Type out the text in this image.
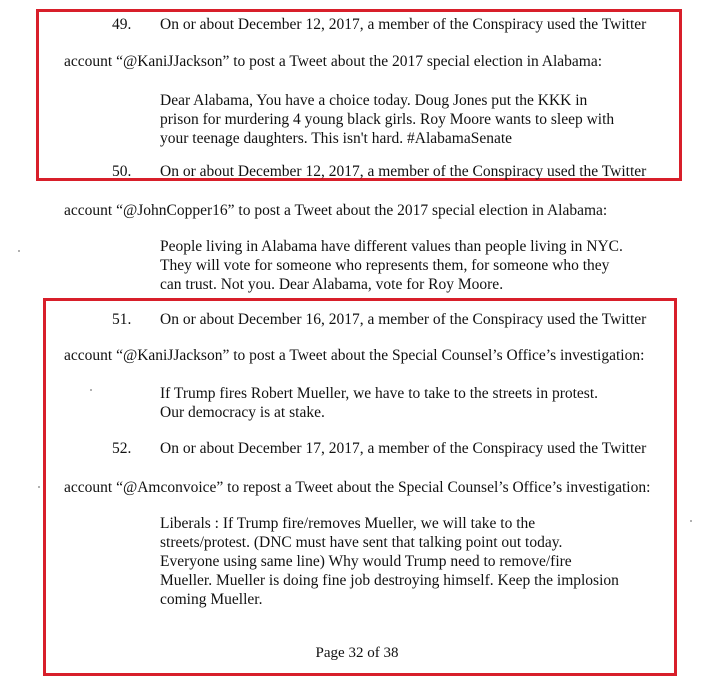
49. On or about December 12, 2017, a member of the Conspiracy used the Twitter
account “@KaniJJackson” to post a Tweet about the 2017 special election in Alabama:
Dear Alabama, You have a choice today. Doug Jones put the KKK in
prison for murdering 4 young black girls. Roy Moore wants to sleep with
your teenage daughters. This isn't hard. #AlabamaSenate
50. On or about December 12, 2017, a member of the Conspiracy used the Twitter
account “@JohnCopper16” to post a Tweet about the 2017 special election in Alabama:
People living in Alabama have different values than people living in NYC.
They will vote for someone who represents them, for someone who they
can trust. Not you. Dear Alabama, vote for Roy Moore.
51. On or about December 16, 2017, a member of the Conspiracy used the Twitter
account “@KaniJJackson” to post a Tweet about the Special Counsel’s Office’s investigation:
If Trump fires Robert Mueller, we have to take to the streets in protest.
Our democracy is at stake.
52. On or about December 17, 2017, a member of the Conspiracy used the Twitter
account “@Amconvoice” to repost a Tweet about the Special Counsel’s Office’s investigation:
Liberals : If Trump fire/removes Mueller, we will take to the
streets/protest. (DNC must have sent that talking point out today.
Everyone using same line) Why would Trump need to remove/fire
Mueller. Mueller is doing fine job destroying himself. Keep the implosion
coming Mueller.
Page 32 of 38
